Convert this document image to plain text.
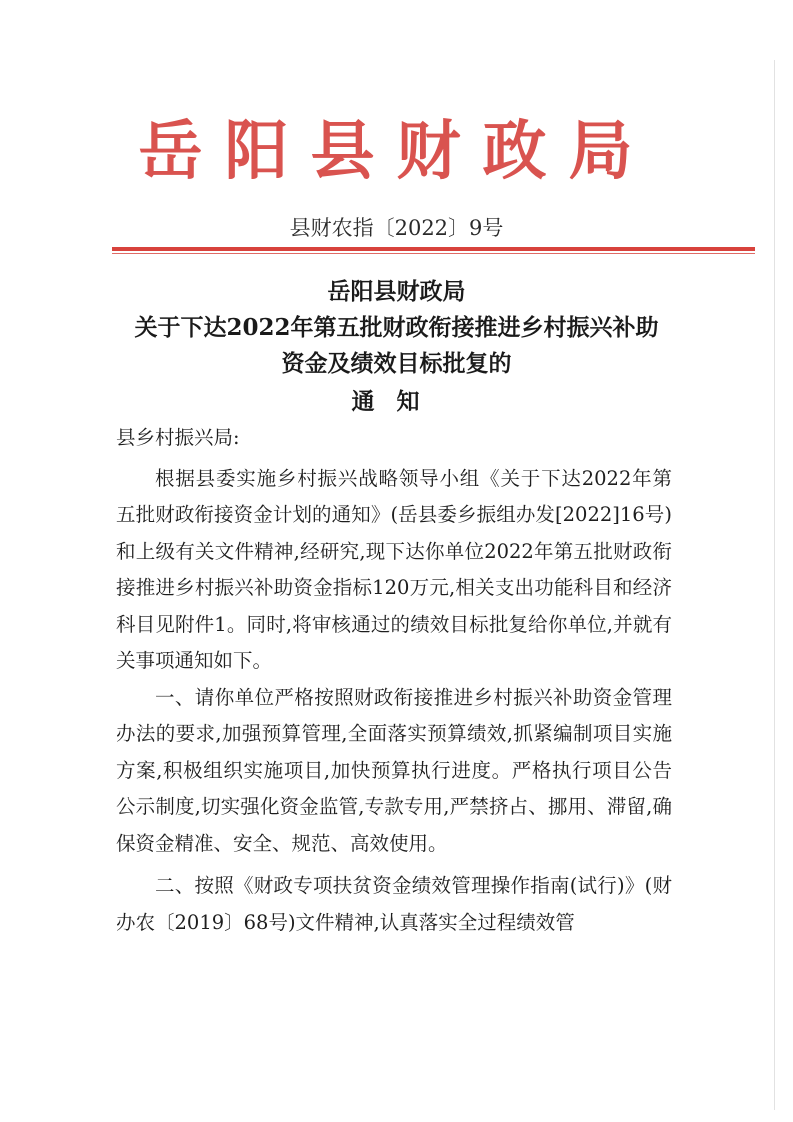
岳阳县财政局
县财农指〔2022〕9号
岳阳县财政局
关于下达2022年第五批财政衔接推进乡村振兴补助
资金及绩效目标批复的
通知

县乡村振兴局:

根据县委实施乡村振兴战略领导小组《关于下达2022年第五批财政衔接资金计划的通知》(岳县委乡振组办发[2022]16号)和上级有关文件精神,经研究,现下达你单位2022年第五批财政衔接推进乡村振兴补助资金指标120万元,相关支出功能科目和经济科目见附件1。同时,将审核通过的绩效目标批复给你单位,并就有关事项通知如下。

一、请你单位严格按照财政衔接推进乡村振兴补助资金管理办法的要求,加强预算管理,全面落实预算绩效,抓紧编制项目实施方案,积极组织实施项目,加快预算执行进度。严格执行项目公告公示制度,切实强化资金监管,专款专用,严禁挤占、挪用、滞留,确保资金精准、安全、规范、高效使用。

二、按照《财政专项扶贫资金绩效管理操作指南(试行)》(财办农〔2019〕68号)文件精神,认真落实全过程绩效管
